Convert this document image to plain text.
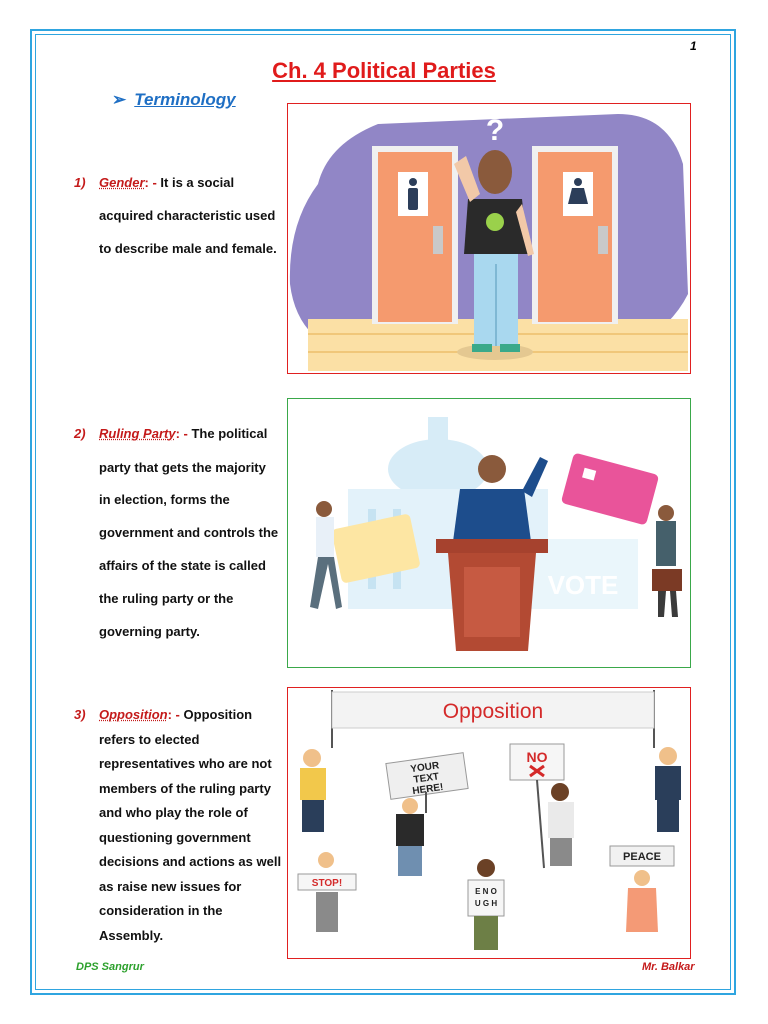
1
Ch. 4 Political Parties
➢ Terminology
1) Gender: - It is a social
acquired characteristic used
to describe male and female.
2) Ruling Party: - The political
party that gets the majority
in election, forms the
government and controls the
affairs of the state is called
the ruling party or the
governing party.
3) Opposition: - Opposition
refers to elected
representatives who are not
members of the ruling party
and who play the role of
questioning government
decisions and actions as well
as raise new issues for
consideration in the
Assembly.
?
VOTE
Opposition
YOUR
TEXT
HERE!
NO
PEACE
STOP!
E N O
U G H
DPS Sangrur	Mr. Balkar
